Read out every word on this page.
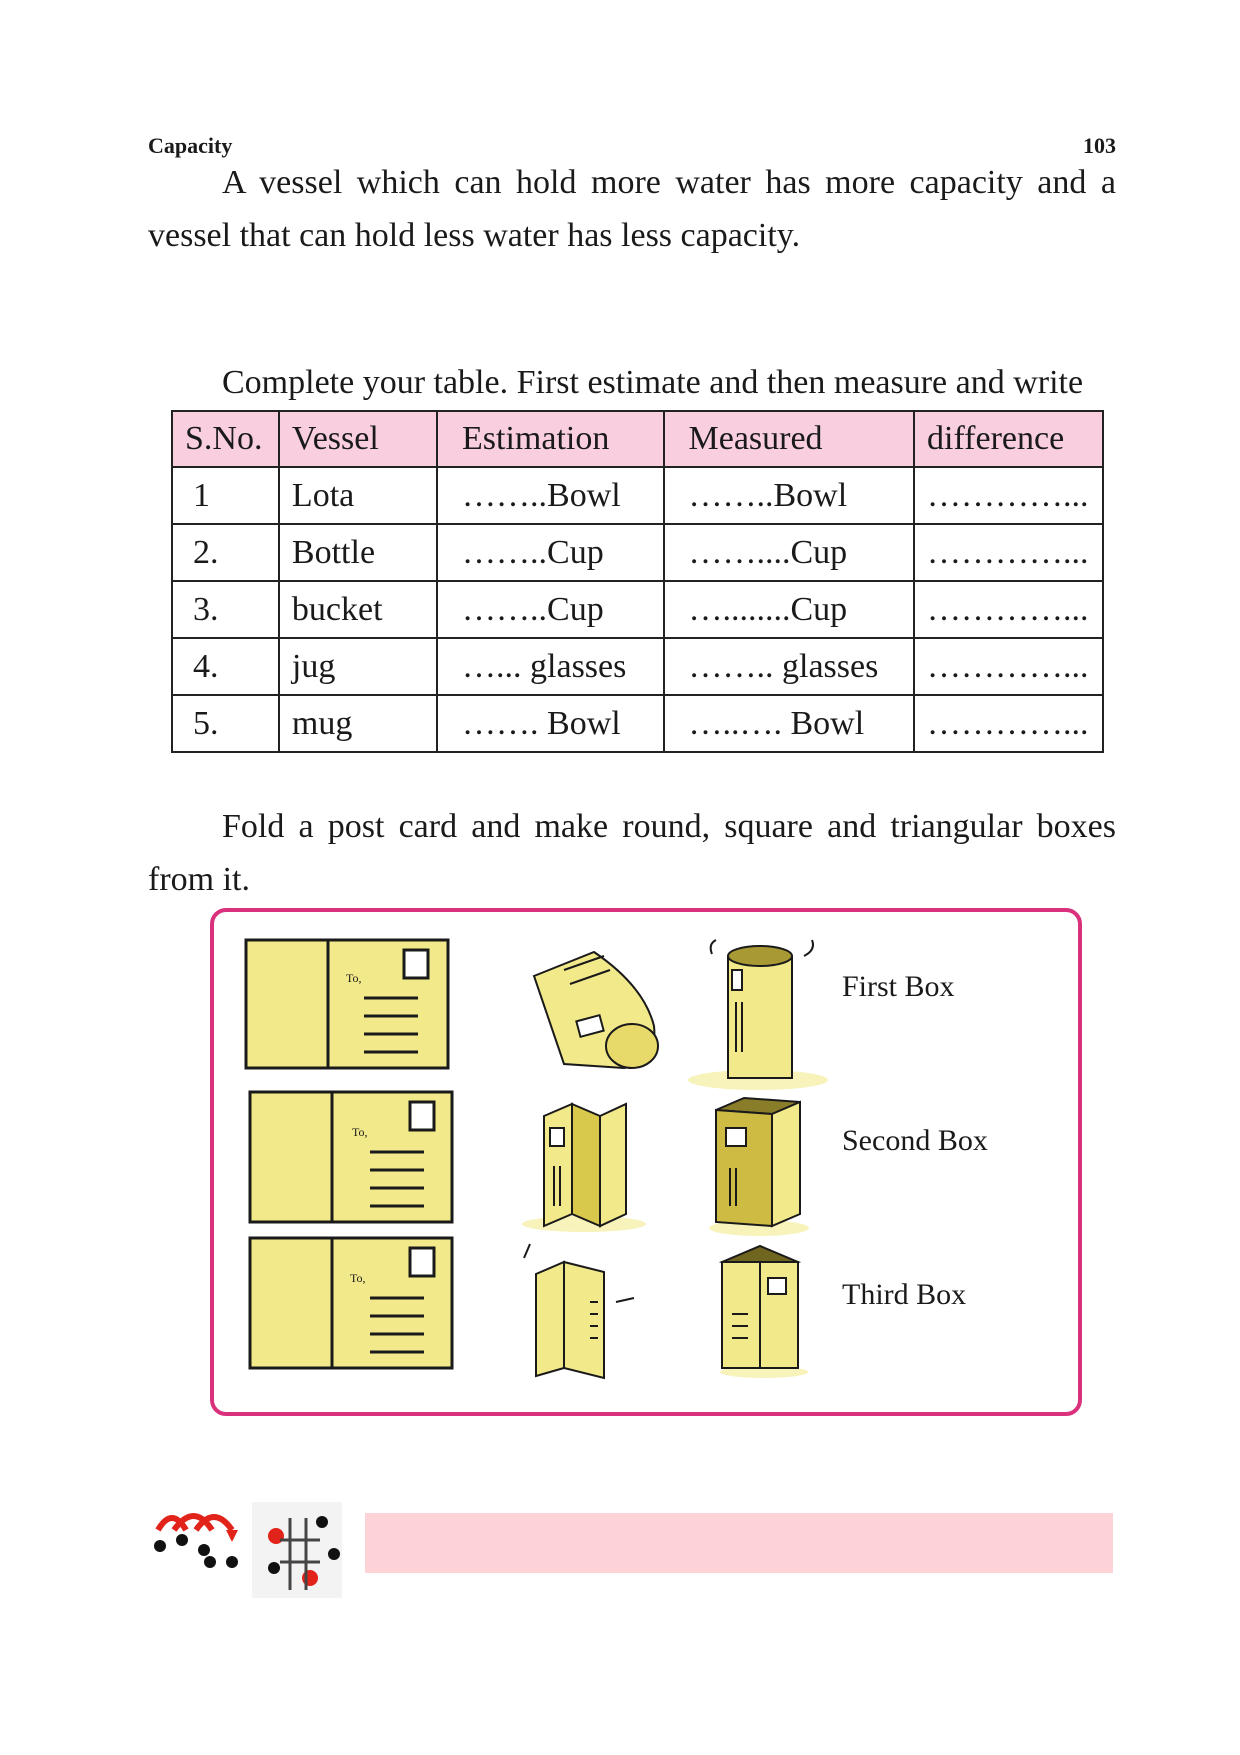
Capacity	103

A vessel which can hold more water has more capacity and a vessel that can hold less water has less capacity.

Complete your table. First estimate and then measure and write

S.No.	Vessel	Estimation	Measured	difference
1	Lota	……..Bowl	……..Bowl	…………...
2.	Bottle	……..Cup	……....Cup	…………...
3.	bucket	……..Cup	…........Cup	…………...
4.	jug	…... glasses	…….. glasses	…………...
5.	mug	……. Bowl	…..…. Bowl	…………...

Fold a post card and make round, square and triangular boxes from it.

To,	First Box
To,	Second Box
To,	Third Box
